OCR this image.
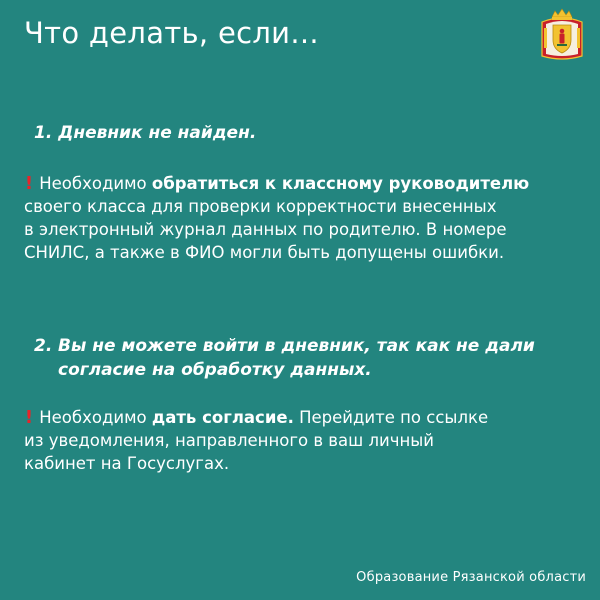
Что делать, если...
1. Дневник не найден.

! Необходимо обратиться к классному руководителю
своего класса для проверки корректности внесенных
в электронный журнал данных по родителю. В номере
СНИЛС, а также в ФИО могли быть допущены ошибки.

2. Вы не можете войти в дневник, так как не дали
согласие на обработку данных.

! Необходимо дать согласие. Перейдите по ссылке
из уведомления, направленного в ваш личный
кабинет на Госуслугах.

Образование Рязанской области
